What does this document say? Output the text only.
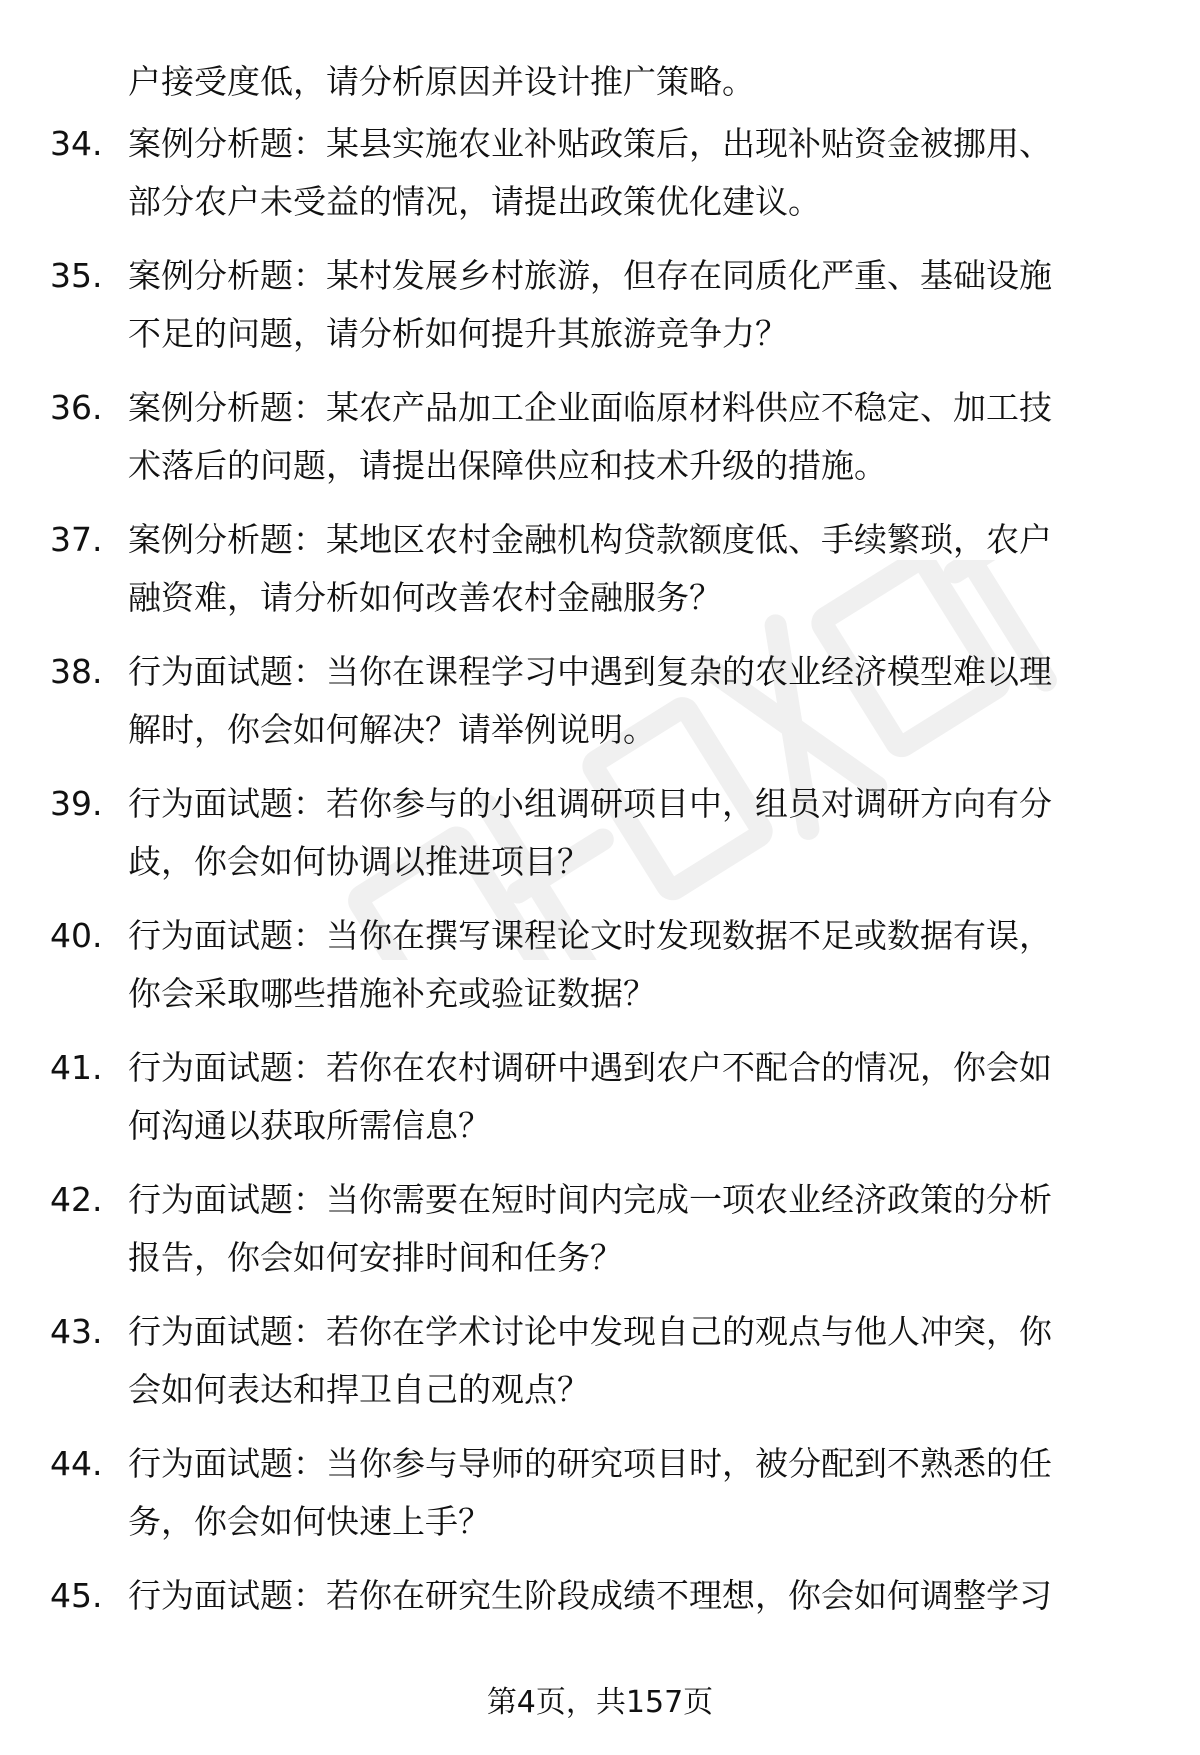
户接受度低，请分析原因并设计推广策略。
34. 案例分析题：某县实施农业补贴政策后，出现补贴资金被挪用、
部分农户未受益的情况，请提出政策优化建议。
35. 案例分析题：某村发展乡村旅游，但存在同质化严重、基础设施
不足的问题，请分析如何提升其旅游竞争力？
36. 案例分析题：某农产品加工企业面临原材料供应不稳定、加工技
术落后的问题，请提出保障供应和技术升级的措施。
37. 案例分析题：某地区农村金融机构贷款额度低、手续繁琐，农户
融资难，请分析如何改善农村金融服务？
38. 行为面试题：当你在课程学习中遇到复杂的农业经济模型难以理
解时，你会如何解决？请举例说明。
39. 行为面试题：若你参与的小组调研项目中，组员对调研方向有分
歧，你会如何协调以推进项目？
40. 行为面试题：当你在撰写课程论文时发现数据不足或数据有误，
你会采取哪些措施补充或验证数据？
41. 行为面试题：若你在农村调研中遇到农户不配合的情况，你会如
何沟通以获取所需信息？
42. 行为面试题：当你需要在短时间内完成一项农业经济政策的分析
报告，你会如何安排时间和任务？
43. 行为面试题：若你在学术讨论中发现自己的观点与他人冲突，你
会如何表达和捍卫自己的观点？
44. 行为面试题：当你参与导师的研究项目时，被分配到不熟悉的任
务，你会如何快速上手？
45. 行为面试题：若你在研究生阶段成绩不理想，你会如何调整学习
第4页，共157页
